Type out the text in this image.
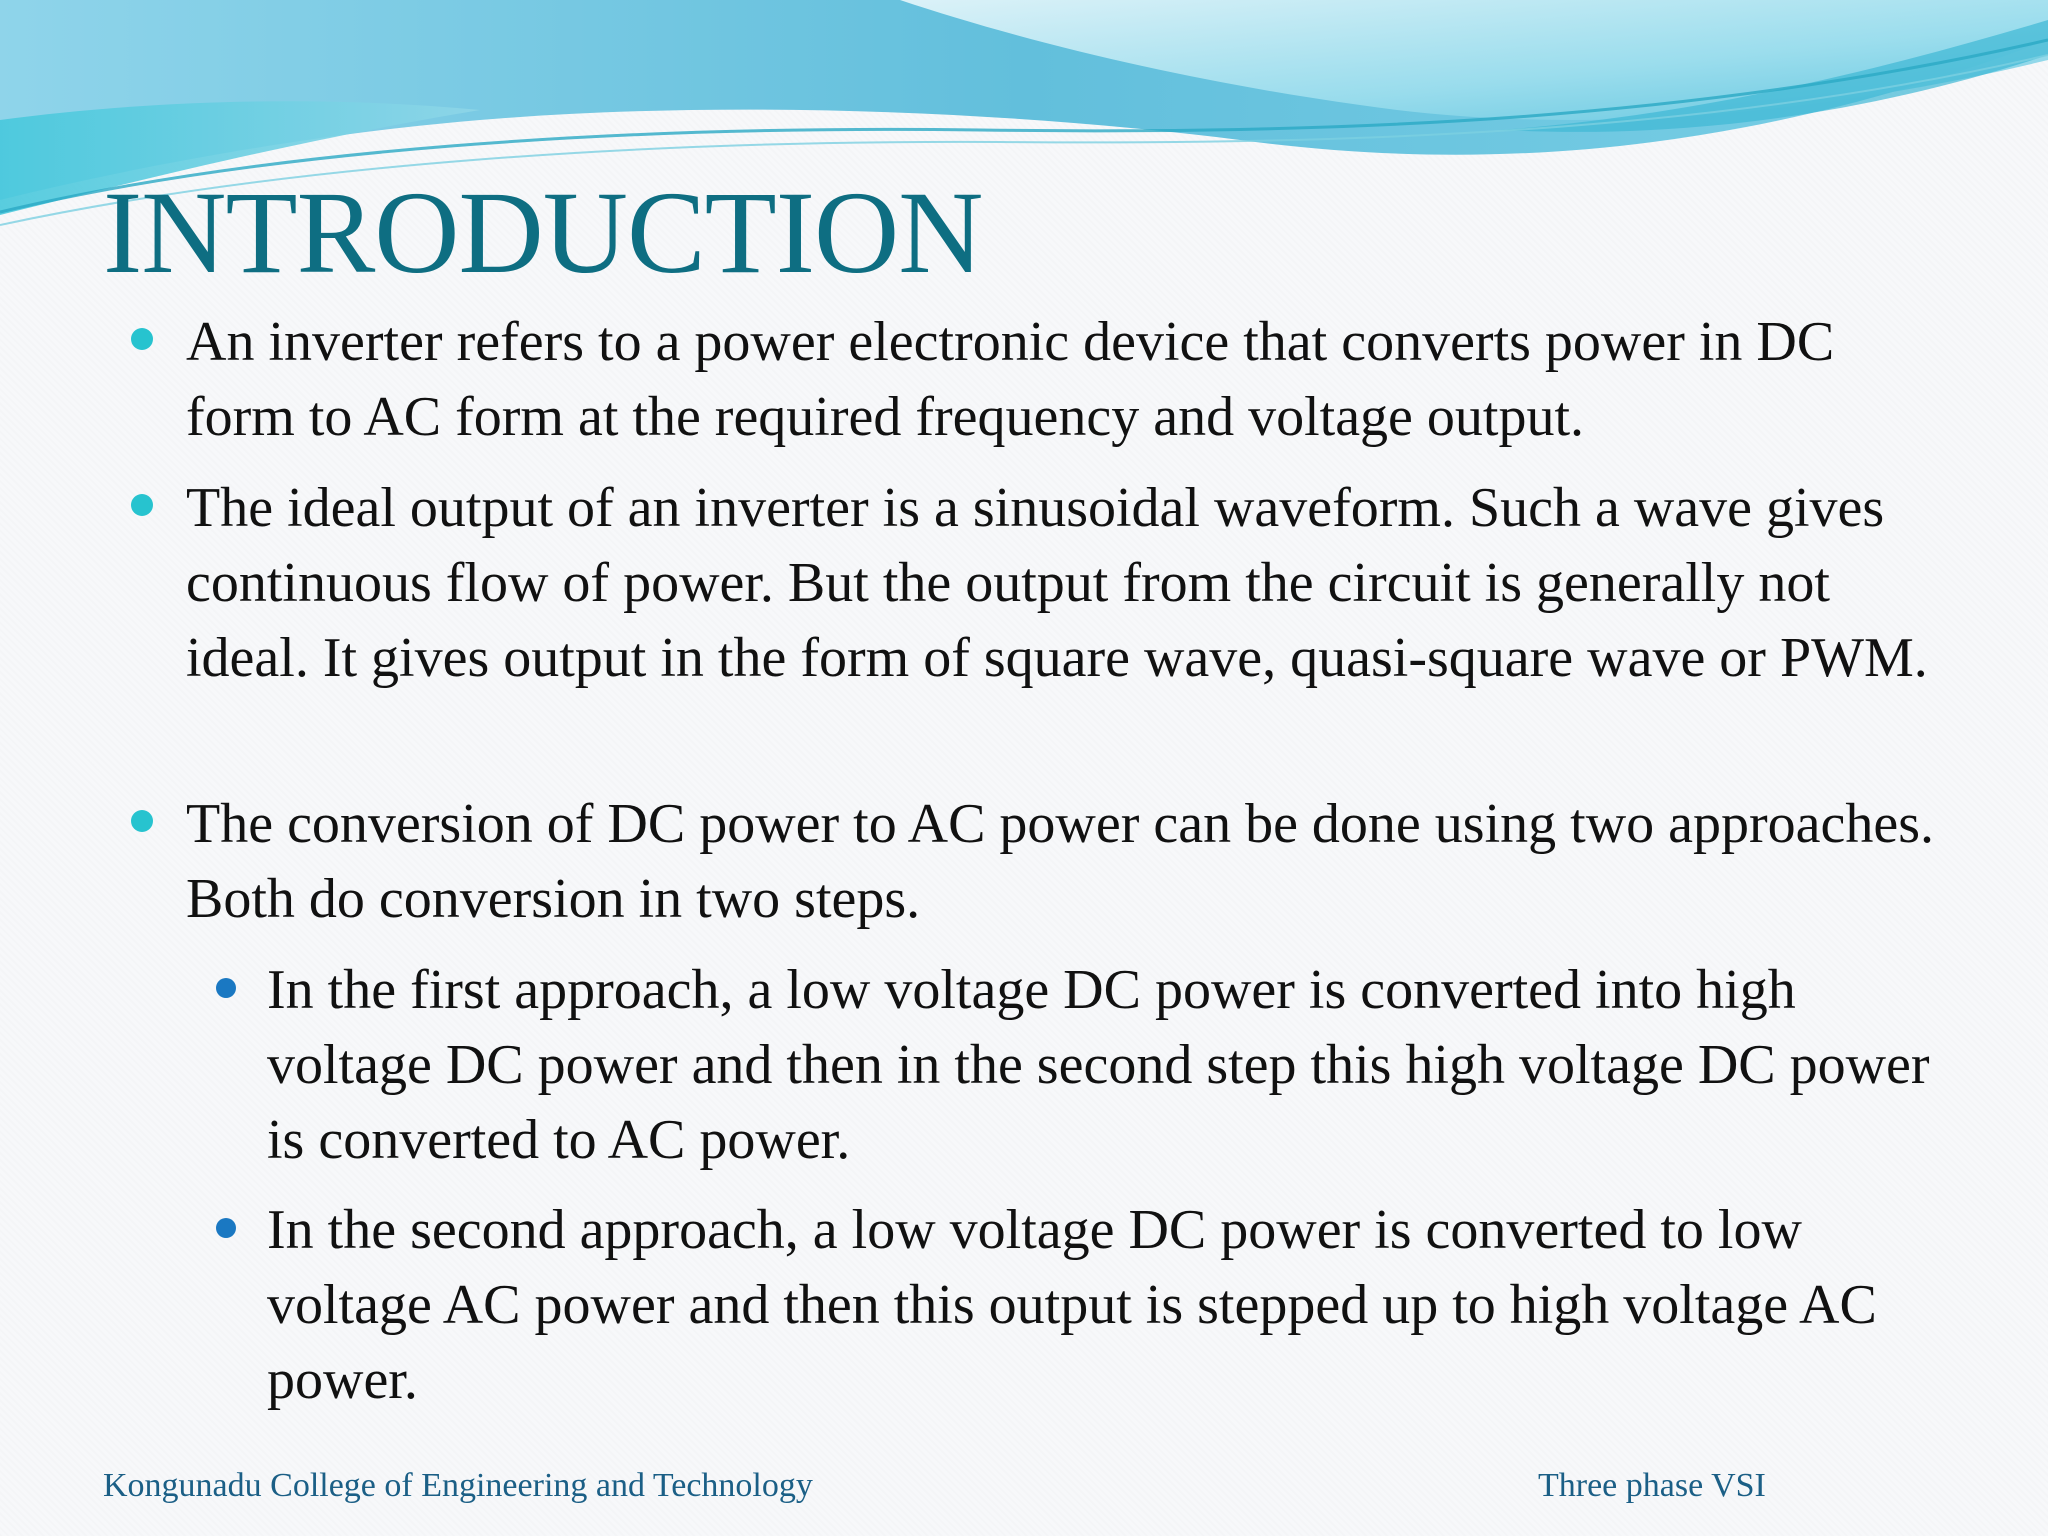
INTRODUCTION

An inverter refers to a power electronic device that converts power in DC form to AC form at the required frequency and voltage output.

The ideal output of an inverter is a sinusoidal waveform. Such a wave gives continuous flow of power. But the output from the circuit is generally not ideal. It gives output in the form of square wave, quasi-square wave or PWM.

The conversion of DC power to AC power can be done using two approaches. Both do conversion in two steps.

In the first approach, a low voltage DC power is converted into high voltage DC power and then in the second step this high voltage DC power is converted to AC power.

In the second approach, a low voltage DC power is converted to low voltage AC power and then this output is stepped up to high voltage AC power.

Kongunadu College of Engineering and Technology	Three phase VSI
